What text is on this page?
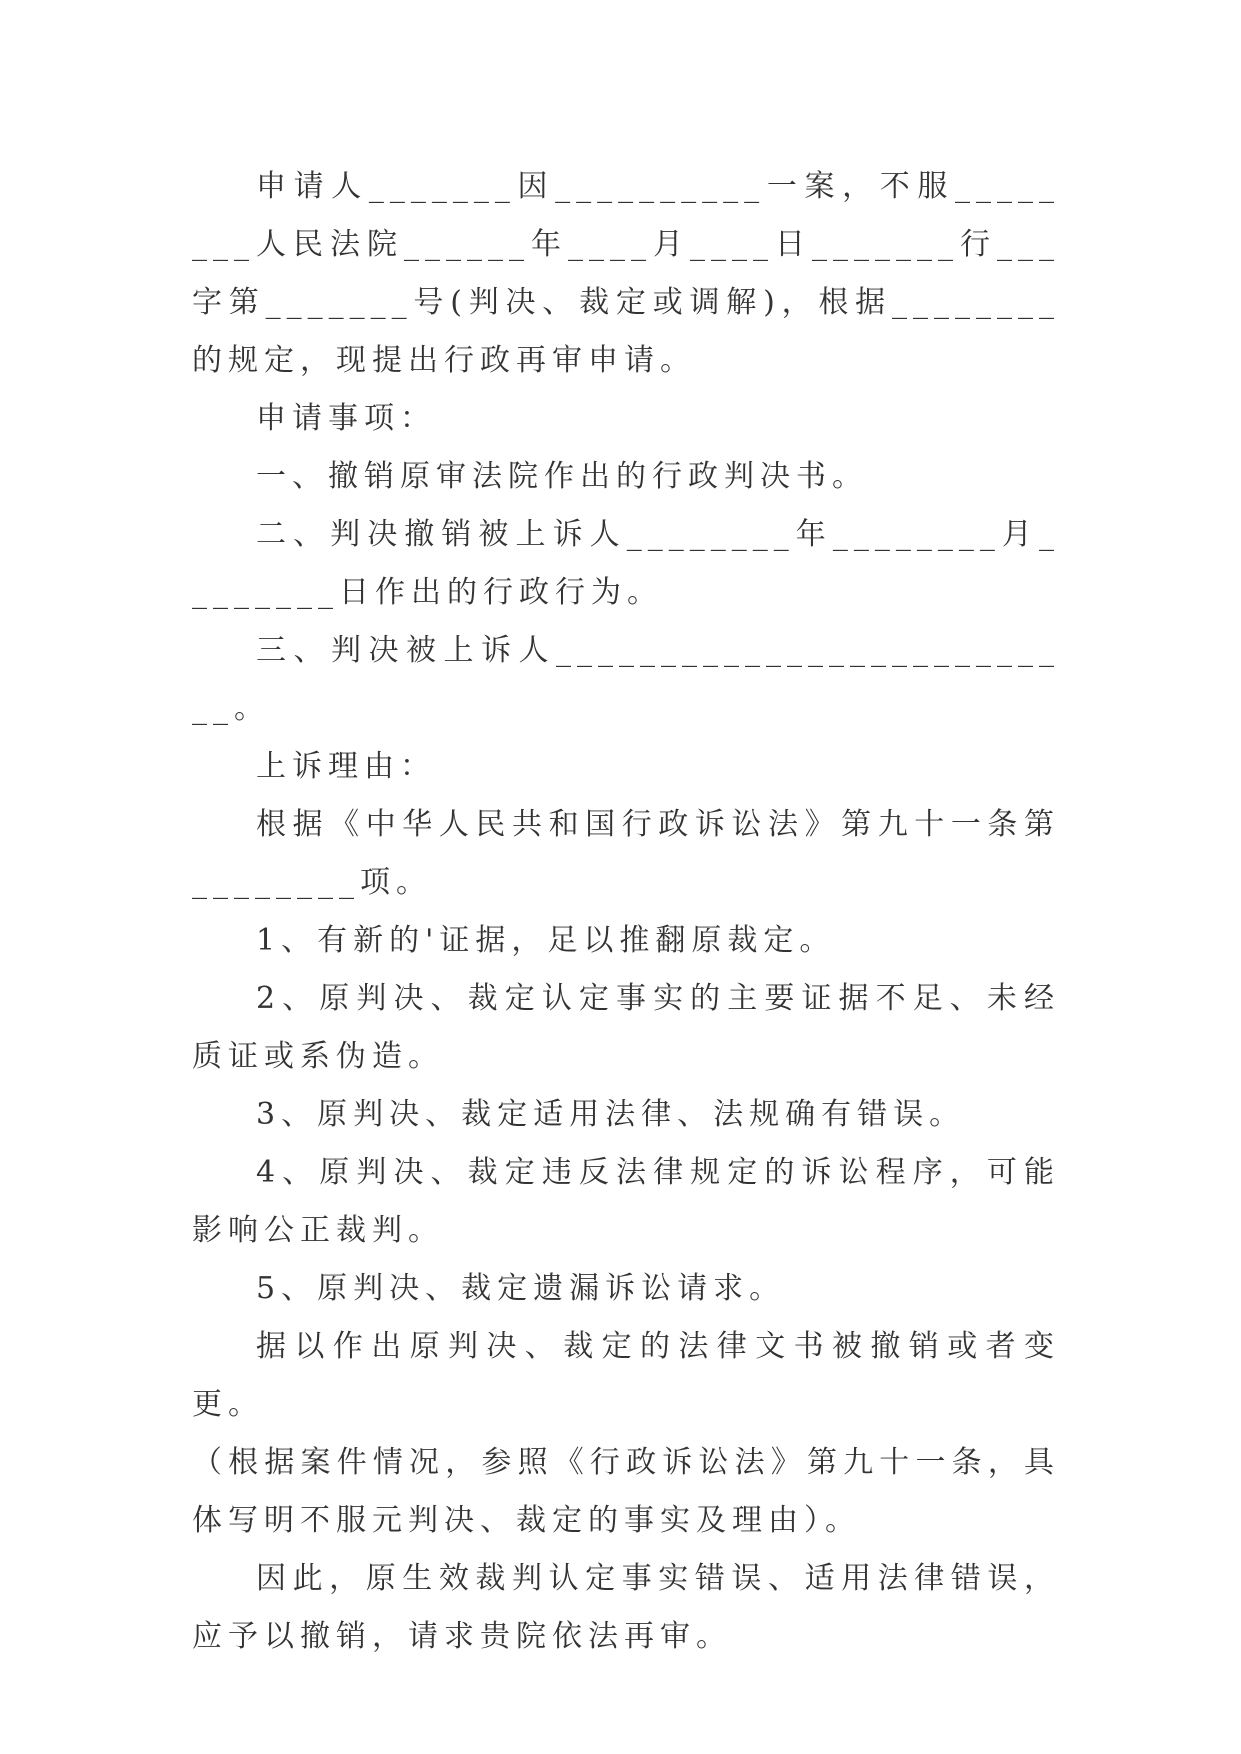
申请人_______因__________一案，不服________人民法院______年____月____日_______行___字第_______号(判决、裁定或调解)，根据________的规定，现提出行政再审申请。

申请事项：

一、撤销原审法院作出的行政判决书。

二、判决撤销被上诉人________年________月________日作出的行政行为。

三、判决被上诉人__________________________。

上诉理由：

根据《中华人民共和国行政诉讼法》第九十一条第________项。

1、有新的'证据，足以推翻原裁定。

2、原判决、裁定认定事实的主要证据不足、未经质证或系伪造。

3、原判决、裁定适用法律、法规确有错误。

4、原判决、裁定违反法律规定的诉讼程序，可能影响公正裁判。

5、原判决、裁定遗漏诉讼请求。

据以作出原判决、裁定的法律文书被撤销或者变更。

（根据案件情况，参照《行政诉讼法》第九十一条，具体写明不服元判决、裁定的事实及理由）。

因此，原生效裁判认定事实错误、适用法律错误，应予以撤销，请求贵院依法再审。
